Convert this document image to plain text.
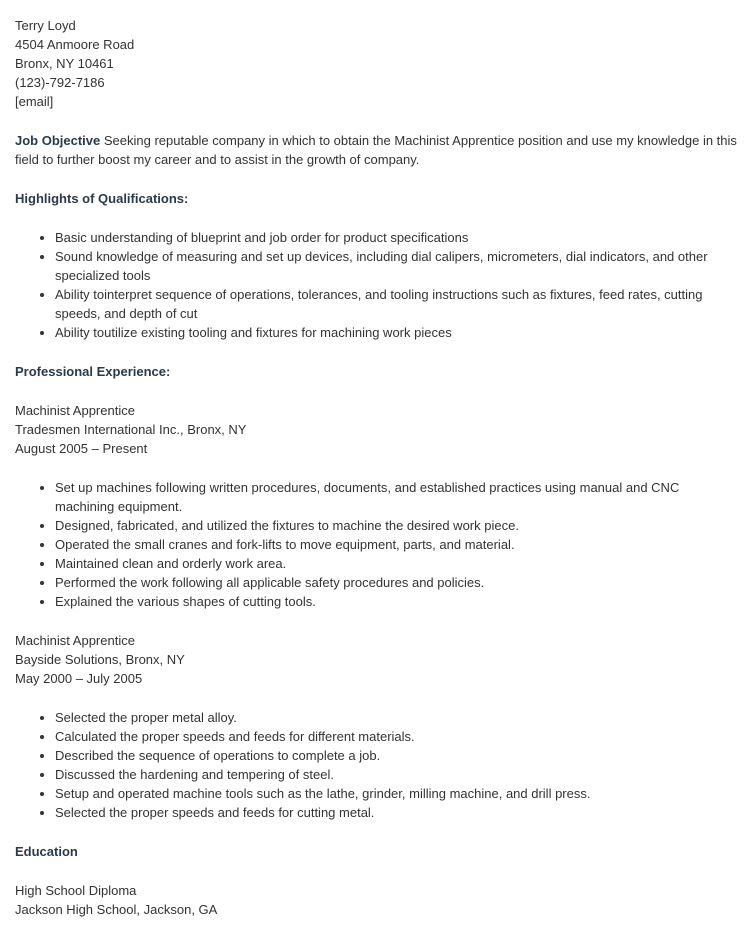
Terry Loyd
4504 Anmoore Road
Bronx, NY 10461
(123)-792-7186
[email]

Job Objective Seeking reputable company in which to obtain the Machinist Apprentice position and use my knowledge in this field to further boost my career and to assist in the growth of company.

Highlights of Qualifications:
• Basic understanding of blueprint and job order for product specifications
• Sound knowledge of measuring and set up devices, including dial calipers, micrometers, dial indicators, and other specialized tools
• Ability tointerpret sequence of operations, tolerances, and tooling instructions such as fixtures, feed rates, cutting speeds, and depth of cut
• Ability toutilize existing tooling and fixtures for machining work pieces
Professional Experience:
Machinist Apprentice
Tradesmen International Inc., Bronx, NY
August 2005 – Present
• Set up machines following written procedures, documents, and established practices using manual and CNC machining equipment.
• Designed, fabricated, and utilized the fixtures to machine the desired work piece.
• Operated the small cranes and fork-lifts to move equipment, parts, and material.
• Maintained clean and orderly work area.
• Performed the work following all applicable safety procedures and policies.
• Explained the various shapes of cutting tools.
Machinist Apprentice
Bayside Solutions, Bronx, NY
May 2000 – July 2005
• Selected the proper metal alloy.
• Calculated the proper speeds and feeds for different materials.
• Described the sequence of operations to complete a job.
• Discussed the hardening and tempering of steel.
• Setup and operated machine tools such as the lathe, grinder, milling machine, and drill press.
• Selected the proper speeds and feeds for cutting metal.
Education
High School Diploma
Jackson High School, Jackson, GA
